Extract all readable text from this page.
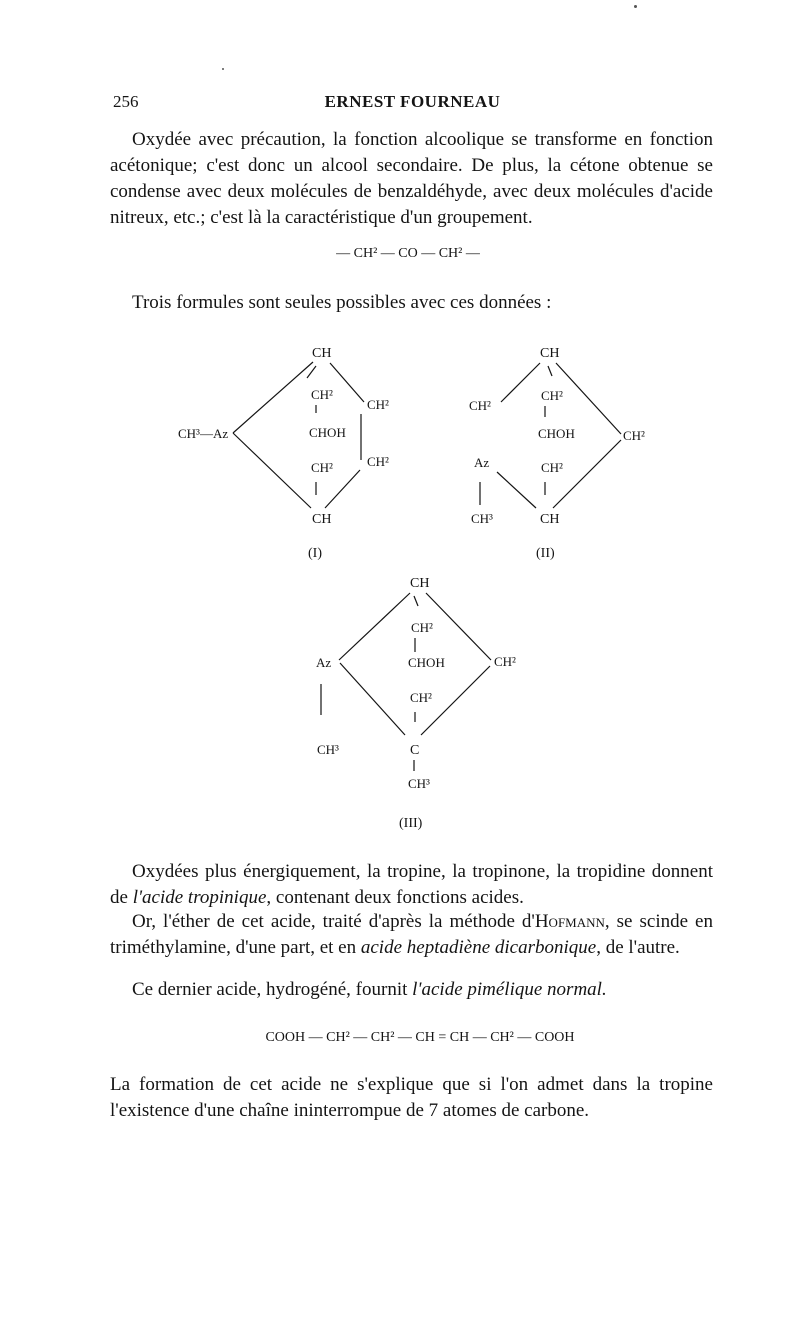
256	ERNEST FOURNEAU
Oxydée avec précaution, la fonction alcoolique se transforme en fonction acétonique; c'est donc un alcool secondaire. De plus, la cétone obtenue se condense avec deux molécules de benzaldéhyde, avec deux molécules d'acide nitreux, etc.; c'est là la caractéristique d'un groupement.
— CH² — CO — CH² —
Trois formules sont seules possibles avec ces données :
CH
CH²
CHOH
CH²
CH²
CH²
CH³—Az
CH
(I)
CH
CH²
CH²
CHOH
CH²
CH²
Az
CH³	CH
(II)
CH
CH²
CHOH
CH²
Az	CH²
CH³	C
CH³
(III)
Oxydées plus énergiquement, la tropine, la tropinone, la tropidine donnent de l'acide tropinique, contenant deux fonctions acides.
Or, l'éther de cet acide, traité d'après la méthode d'Hofmann, se scinde en triméthylamine, d'une part, et en acide heptadiène dicarbonique, de l'autre.
Ce dernier acide, hydrogéné, fournit l'acide pimélique normal.
COOH — CH² — CH² — CH = CH — CH² — COOH
La formation de cet acide ne s'explique que si l'on admet dans la tropine l'existence d'une chaîne ininterrompue de 7 atomes de carbone.
